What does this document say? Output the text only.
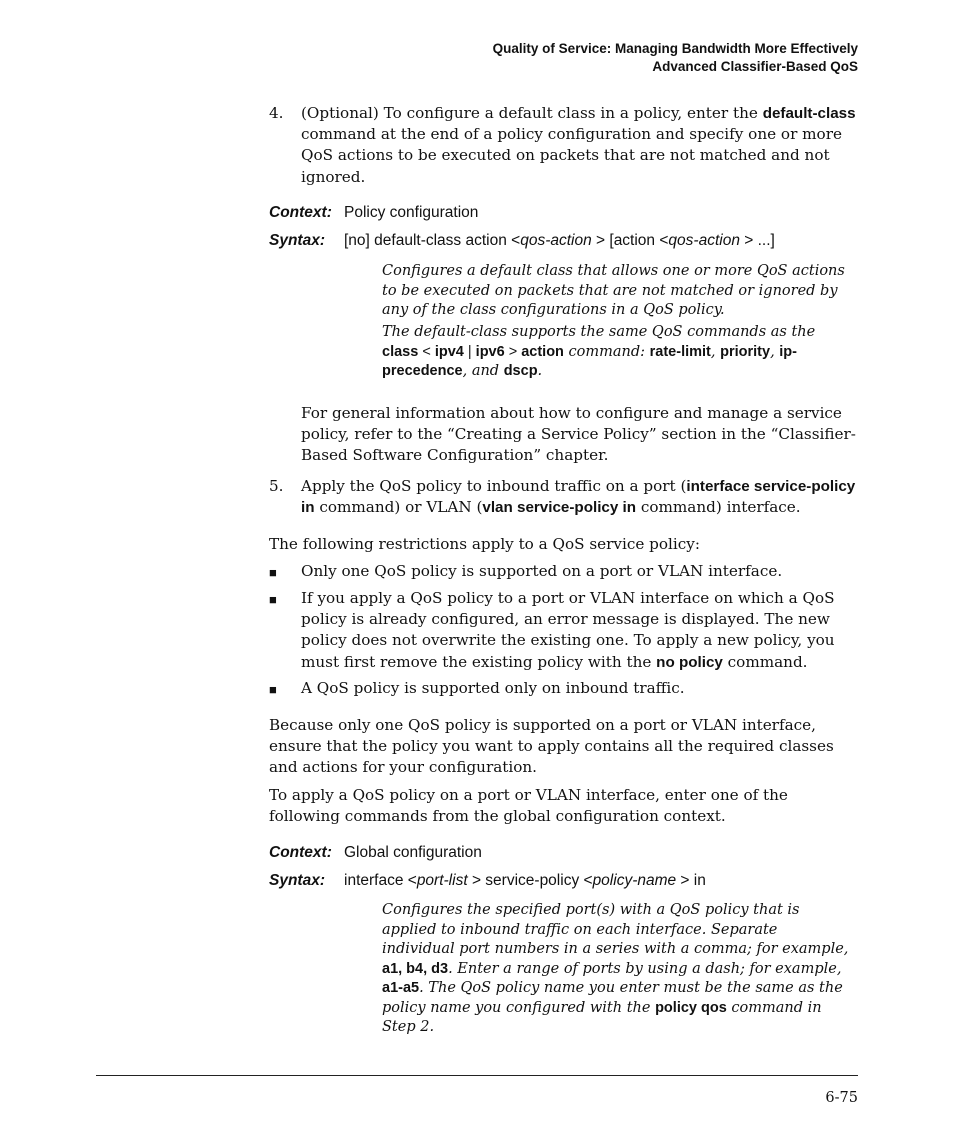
Quality of Service: Managing Bandwidth More Effectively
Advanced Classifier-Based QoS
4. (Optional) To configure a default class in a policy, enter the default-class command at the end of a policy configuration and specify one or more QoS actions to be executed on packets that are not matched and not ignored.
Context: Policy configuration
Syntax: [no] default-class action <qos-action > [action <qos-action > ...]
Configures a default class that allows one or more QoS actions to be executed on packets that are not matched or ignored by any of the class configurations in a QoS policy.
The default-class supports the same QoS commands as the class < ipv4 | ipv6 > action command: rate-limit, priority, ip-precedence, and dscp.
For general information about how to configure and manage a service policy, refer to the “Creating a Service Policy” section in the “Classifier-Based Software Configuration” chapter.
5. Apply the QoS policy to inbound traffic on a port (interface service-policy in command) or VLAN (vlan service-policy in command) interface.
The following restrictions apply to a QoS service policy:
■ Only one QoS policy is supported on a port or VLAN interface.
■ If you apply a QoS policy to a port or VLAN interface on which a QoS policy is already configured, an error message is displayed. The new policy does not overwrite the existing one. To apply a new policy, you must first remove the existing policy with the no policy command.
■ A QoS policy is supported only on inbound traffic.
Because only one QoS policy is supported on a port or VLAN interface, ensure that the policy you want to apply contains all the required classes and actions for your configuration.
To apply a QoS policy on a port or VLAN interface, enter one of the following commands from the global configuration context.
Context: Global configuration
Syntax: interface <port-list > service-policy <policy-name > in
Configures the specified port(s) with a QoS policy that is applied to inbound traffic on each interface. Separate individual port numbers in a series with a comma; for example, a1, b4, d3. Enter a range of ports by using a dash; for example, a1-a5. The QoS policy name you enter must be the same as the policy name you configured with the policy qos command in Step 2.
6-75
